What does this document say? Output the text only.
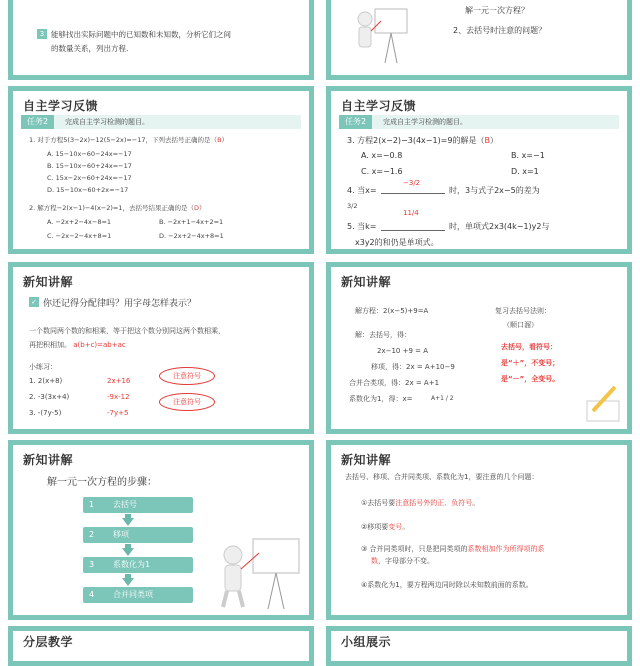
3 能够找出实际问题中的已知数和未知数，分析它们之间
的数量关系，列出方程.
解一元一次方程？
2、去括号时注意的问题？
自主学习反馈
任务2	完成自主学习检测的题目。
1. 对于方程5(3−2x)−12(5−2x)=−17，下列去括号正确的是（B）
A. 15−10x−60−24x=−17
B. 15−10x−60+24x=−17
C. 15x−2x−60+24x=−17
D. 15−10x−60+2x=−17
2. 解方程−2(x−1)−4(x−2)=1，去括号结果正确的是（D）
A. −2x+2−4x−8=1	B. −2x+1−4x+2=1
C. −2x−2−4x+8=1	D. −2x+2−4x+8=1
自主学习反馈
任务2	完成自主学习检测的题目。
3. 方程2(x−2)−3(4x−1)=9的解是（B）
A. x=−0.8	B. x=−1
C. x=−1.6	D. x=1
4. 当x=
−3/2
时，3与式子2x−5的差为
3/2
5. 当k=
11/4
时，单项式2x3(4k−1)y2与
x3y2的和仍是单项式。
新知讲解
✓ 你还记得分配律吗？用字母怎样表示？
一个数同两个数的和相乘，等于把这个数分别同这两个数相乘，
再把积相加。 a(b+c)=ab+ac
小练习：
1. 2(x+8)	2x+16
2. -3(3x+4)	-9x-12
3. -(7y-5)	-7y+5
注意符号
注意符号
新知讲解
解方程：2(x−5)+9=A	复习去括号法则：
（顺口溜）
解：去括号，得：
2x−10 +9 = A
移项，得：2x = A+10−9
合并合类项，得：2x = A+1
系数化为1，得：x=	A+1 / 2
去括号，看符号：
是“＋”，不变号；
是“－”，全变号。
新知讲解
解一元一次方程的步骤：
1 去括号
2 移项
3 系数化为1
4 合并同类项
新知讲解
去括号、移项、合并同类项、系数化为1，要注意的几个问题：
①去括号要注意括号外的正、负符号。
②移项要变号。
③ 合并同类项时，只是把同类项的系数相加作为所得项的系
数，字母部分不变。
④系数化为1，要方程两边同时除以未知数前面的系数。
分层教学	小组展示
